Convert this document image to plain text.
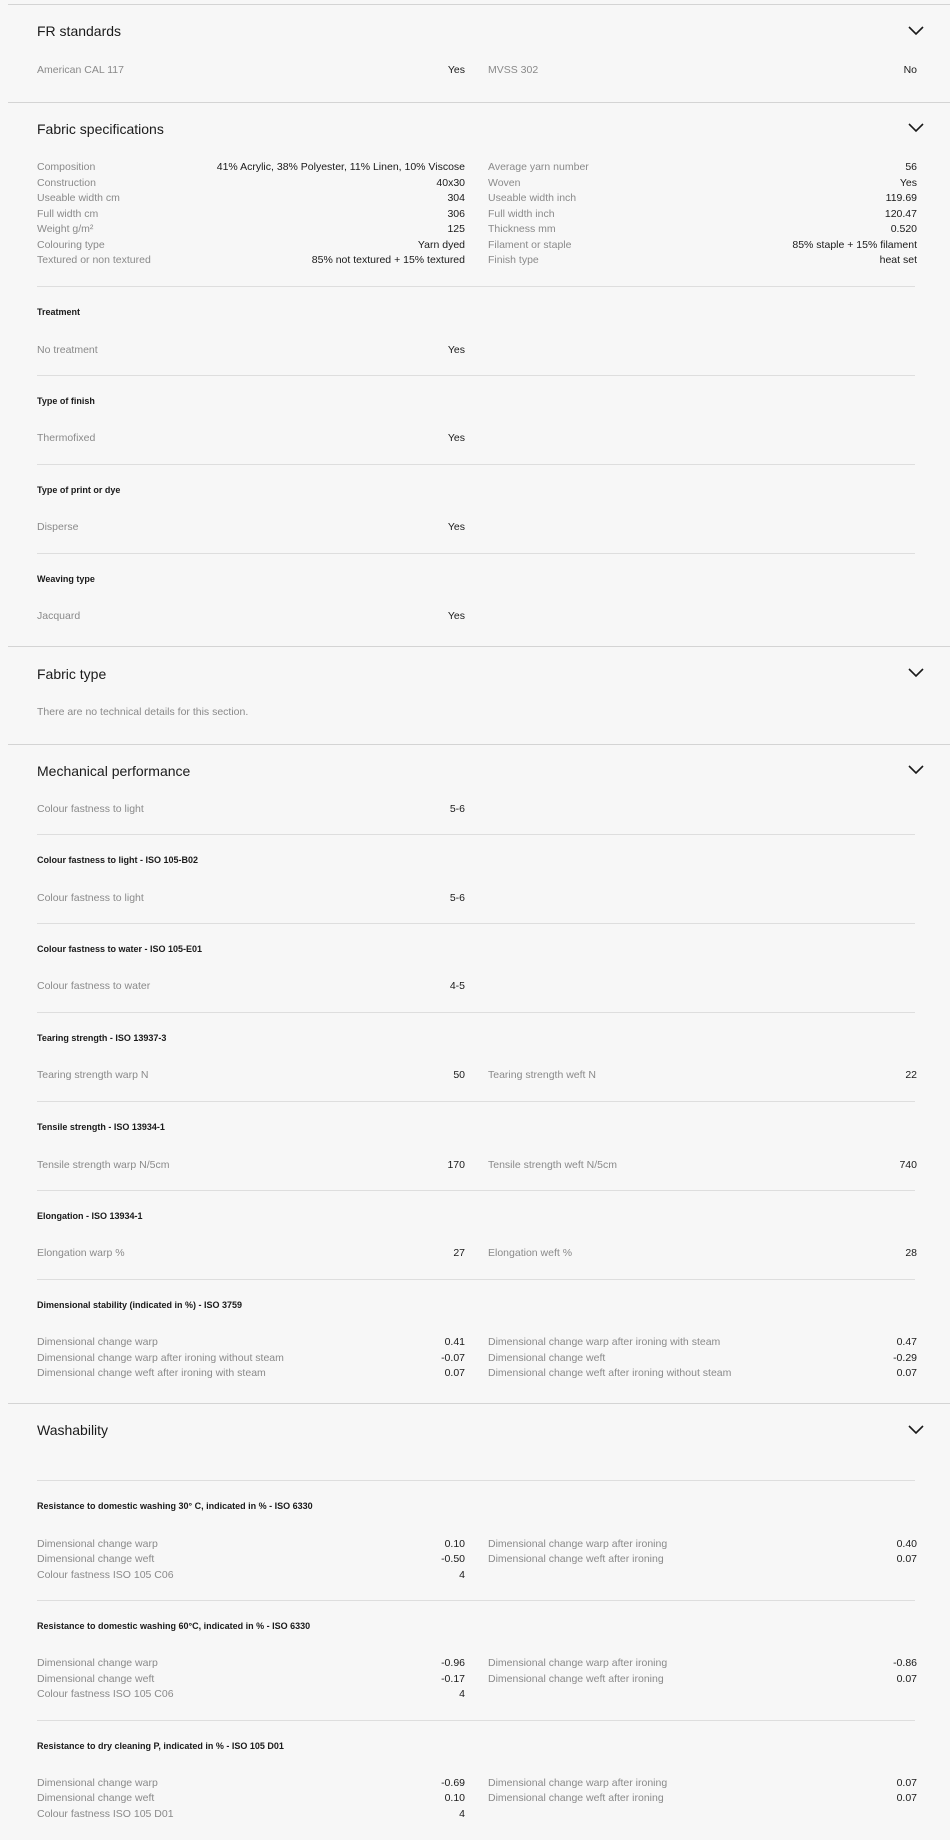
FR standards
American CAL 117	Yes MVSS 302	No
Fabric specifications
Composition	41% Acrylic, 38% Polyester, 11% Linen, 10% Viscose Average yarn number	56
Construction	40x30 Woven	Yes
Useable width cm	304 Useable width inch	119.69
Full width cm	306 Full width inch	120.47
Weight g/m²	125 Thickness mm	0.520
Colouring type	Yarn dyed Filament or staple	85% staple + 15% filament
Textured or non textured	85% not textured + 15% textured Finish type	heat set
Treatment
No treatment	Yes
Type of finish
Thermofixed	Yes
Type of print or dye
Disperse	Yes
Weaving type
Jacquard	Yes
Fabric type
There are no technical details for this section.
Mechanical performance
Colour fastness to light	5-6
Colour fastness to light - ISO 105-B02
Colour fastness to light	5-6
Colour fastness to water - ISO 105-E01
Colour fastness to water	4-5
Tearing strength - ISO 13937-3
Tearing strength warp N	50 Tearing strength weft N	22
Tensile strength - ISO 13934-1
Tensile strength warp N/5cm	170 Tensile strength weft N/5cm	740
Elongation - ISO 13934-1
Elongation warp %	27 Elongation weft %	28
Dimensional stability (indicated in %) - ISO 3759
Dimensional change warp	0.41 Dimensional change warp after ironing with steam	0.47
Dimensional change warp after ironing without steam	-0.07 Dimensional change weft	-0.29
Dimensional change weft after ironing with steam	0.07 Dimensional change weft after ironing without steam	0.07
Washability
Resistance to domestic washing 30° C, indicated in % - ISO 6330
Dimensional change warp	0.10 Dimensional change warp after ironing	0.40
Dimensional change weft	-0.50 Dimensional change weft after ironing	0.07
Colour fastness ISO 105 C06	4
Resistance to domestic washing 60°C, indicated in % - ISO 6330
Dimensional change warp	-0.96 Dimensional change warp after ironing	-0.86
Dimensional change weft	-0.17 Dimensional change weft after ironing	0.07
Colour fastness ISO 105 C06	4
Resistance to dry cleaning P, indicated in % - ISO 105 D01
Dimensional change warp	-0.69 Dimensional change warp after ironing	0.07
Dimensional change weft	0.10 Dimensional change weft after ironing	0.07
Colour fastness ISO 105 D01	4
